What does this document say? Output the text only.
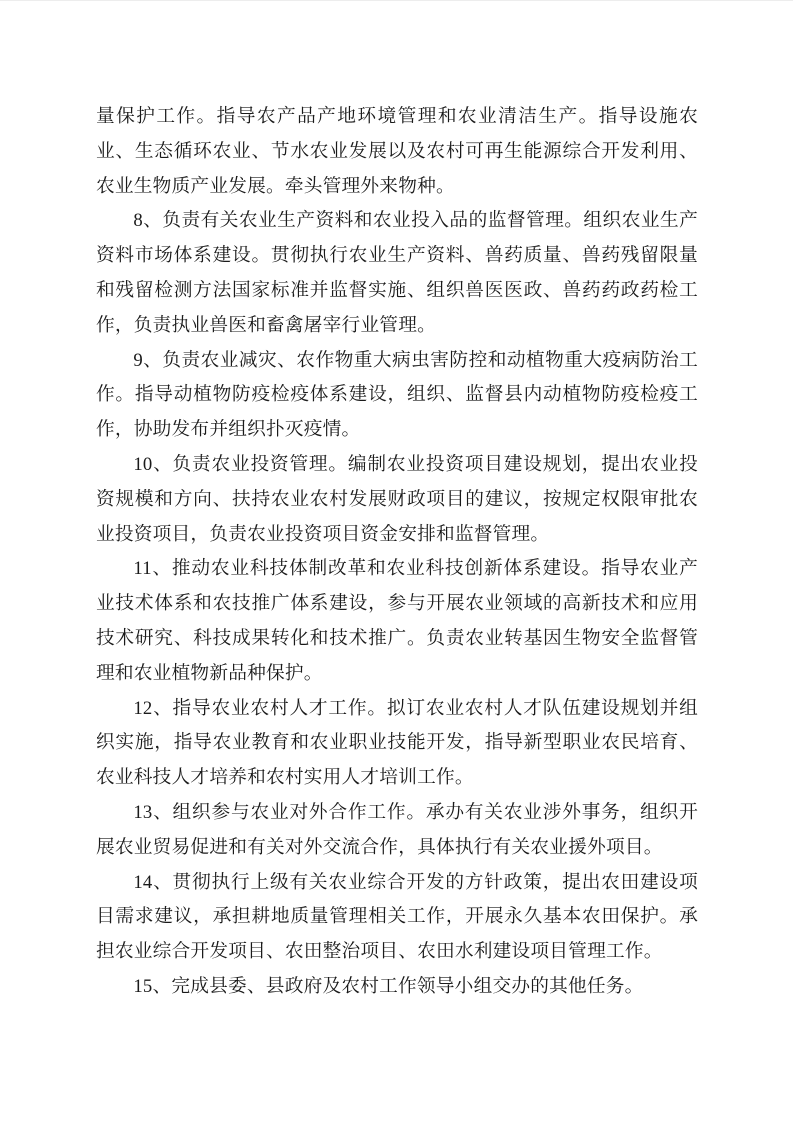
量保护工作。指导农产品产地环境管理和农业清洁生产。指导设施农业、生态循环农业、节水农业发展以及农村可再生能源综合开发利用、农业生物质产业发展。牵头管理外来物种。

8、负责有关农业生产资料和农业投入品的监督管理。组织农业生产资料市场体系建设。贯彻执行农业生产资料、兽药质量、兽药残留限量和残留检测方法国家标准并监督实施、组织兽医医政、兽药药政药检工作，负责执业兽医和畜禽屠宰行业管理。

9、负责农业减灾、农作物重大病虫害防控和动植物重大疫病防治工作。指导动植物防疫检疫体系建设，组织、监督县内动植物防疫检疫工作，协助发布并组织扑灭疫情。

10、负责农业投资管理。编制农业投资项目建设规划，提出农业投资规模和方向、扶持农业农村发展财政项目的建议，按规定权限审批农业投资项目，负责农业投资项目资金安排和监督管理。

11、推动农业科技体制改革和农业科技创新体系建设。指导农业产业技术体系和农技推广体系建设，参与开展农业领域的高新技术和应用技术研究、科技成果转化和技术推广。负责农业转基因生物安全监督管理和农业植物新品种保护。

12、指导农业农村人才工作。拟订农业农村人才队伍建设规划并组织实施，指导农业教育和农业职业技能开发，指导新型职业农民培育、农业科技人才培养和农村实用人才培训工作。

13、组织参与农业对外合作工作。承办有关农业涉外事务，组织开展农业贸易促进和有关对外交流合作，具体执行有关农业援外项目。

14、贯彻执行上级有关农业综合开发的方针政策，提出农田建设项目需求建议，承担耕地质量管理相关工作，开展永久基本农田保护。承担农业综合开发项目、农田整治项目、农田水利建设项目管理工作。

15、完成县委、县政府及农村工作领导小组交办的其他任务。
